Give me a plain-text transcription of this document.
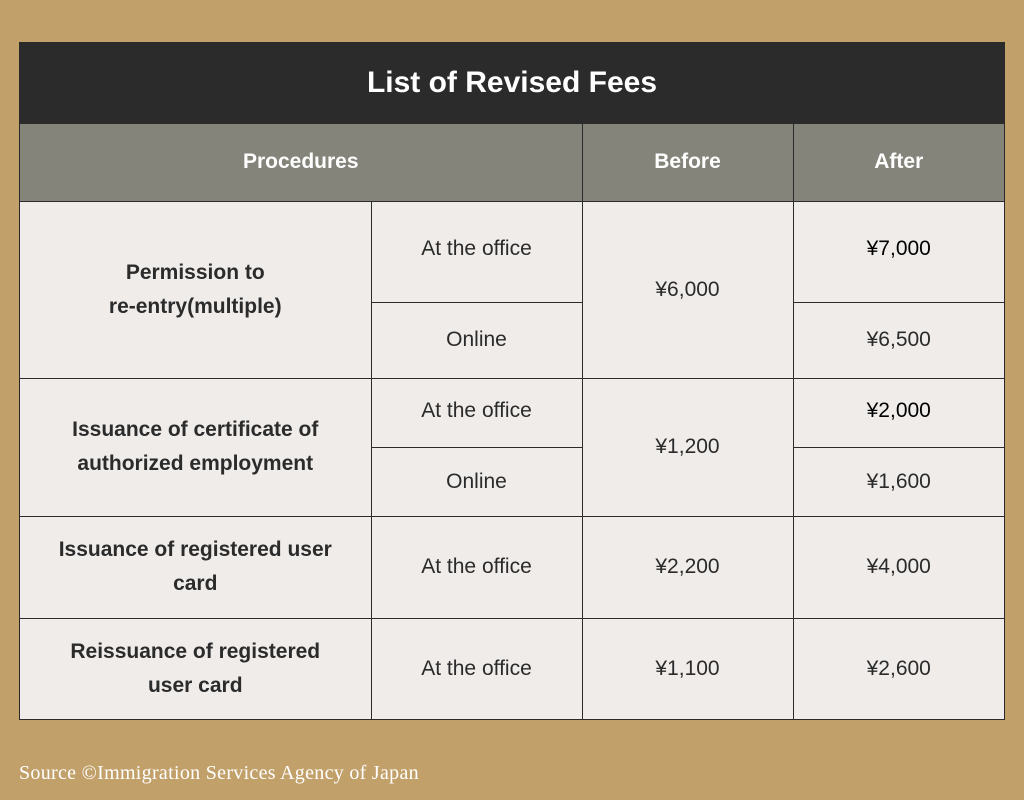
List of Revised Fees
Procedures		Before	After
Permission to
re-entry(multiple)	At the office	¥6,000	¥7,000
	Online		¥6,500
Issuance of certificate of
authorized employment	At the office	¥1,200	¥2,000
	Online		¥1,600
Issuance of registered user
card	At the office	¥2,200	¥4,000
Reissuance of registered
user card	At the office	¥1,100	¥2,600
Source ©Immigration Services Agency of Japan
